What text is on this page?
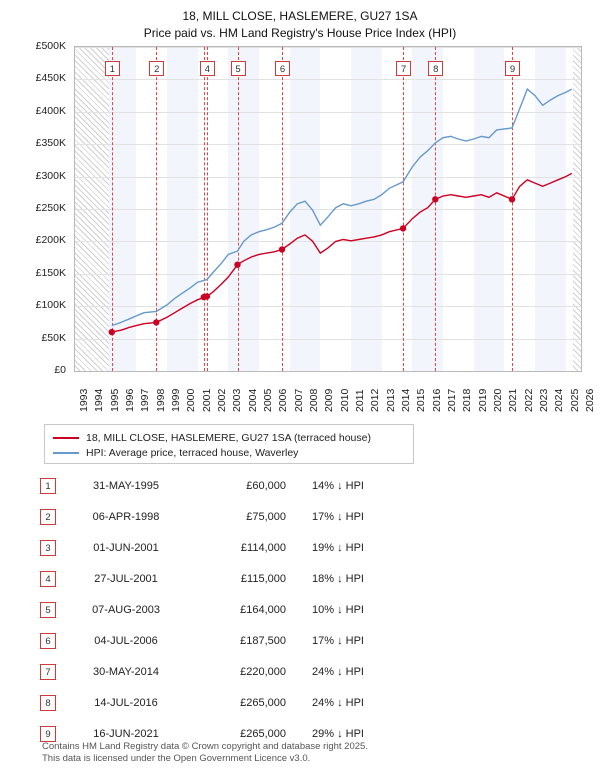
18, MILL CLOSE, HASLEMERE, GU27 1SA
Price paid vs. HM Land Registry's House Price Index (HPI)
£0
£50K
£100K
£150K
£200K
£250K
£300K
£350K
£400K
£450K
£500K
1	2	4	5	6	7	8	9
1993 1994 1995 1996 1997 1998 1999 2000 2001 2002 2003 2004 2005 2006 2007 2008 2009 2010 2011 2012 2013 2014 2015 2016 2017 2018 2019 2020 2021 2022 2023 2024 2025 2026
18, MILL CLOSE, HASLEMERE, GU27 1SA (terraced house)
HPI: Average price, terraced house, Waverley
1	31-MAY-1995	£60,000	14% ↓ HPI
2	06-APR-1998	£75,000	17% ↓ HPI
3	01-JUN-2001	£114,000	19% ↓ HPI
4	27-JUL-2001	£115,000	18% ↓ HPI
5	07-AUG-2003	£164,000	10% ↓ HPI
6	04-JUL-2006	£187,500	17% ↓ HPI
7	30-MAY-2014	£220,000	24% ↓ HPI
8	14-JUL-2016	£265,000	24% ↓ HPI
9	16-JUN-2021	£265,000	29% ↓ HPI
Contains HM Land Registry data © Crown copyright and database right 2025.
This data is licensed under the Open Government Licence v3.0.
